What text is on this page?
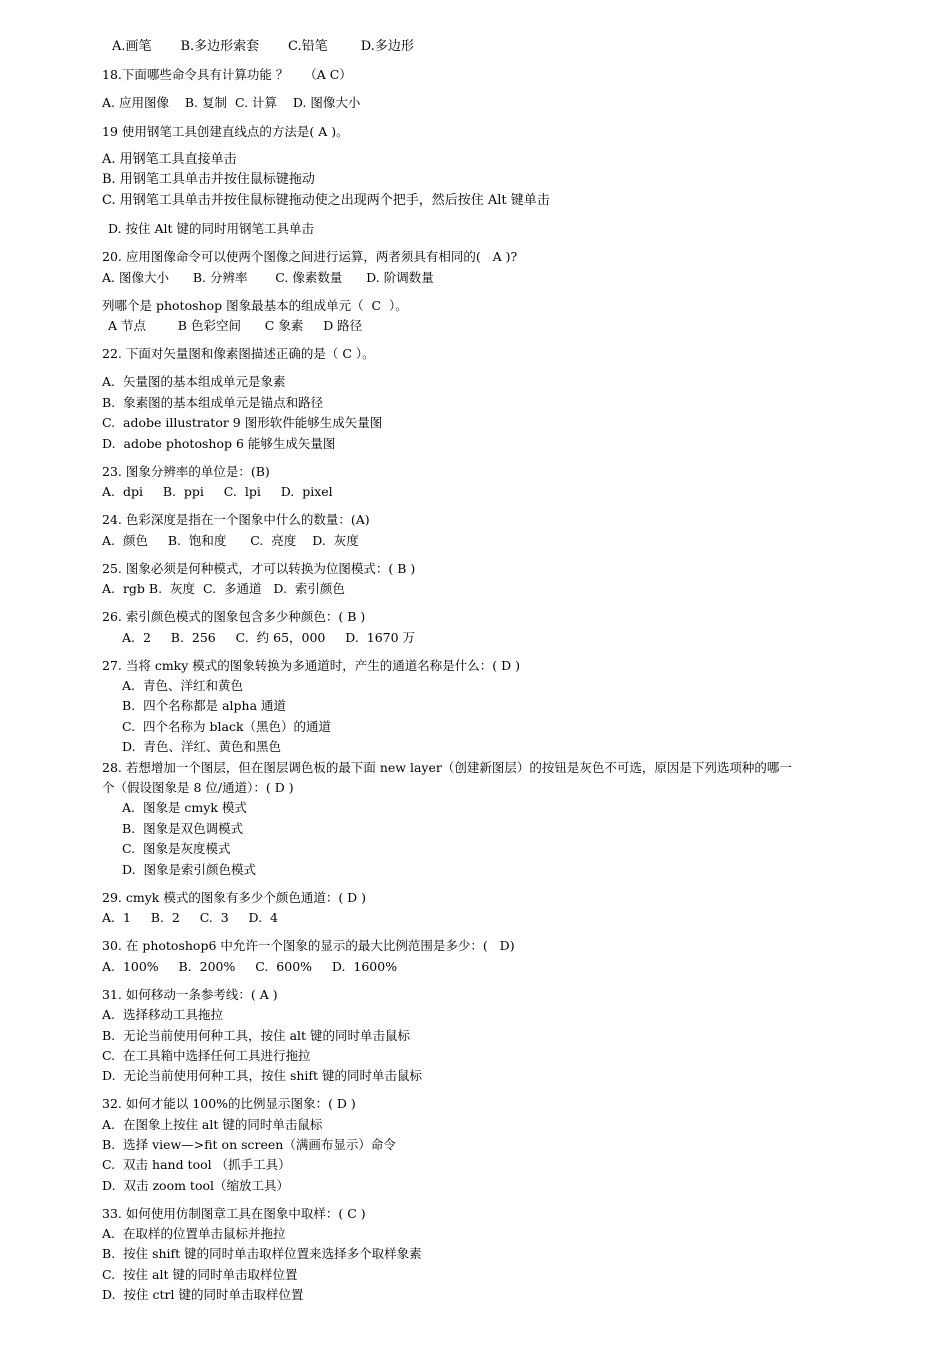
A.画笔       B.多边形索套       C.铅笔        D.多边形
18.下面哪些命令具有计算功能 ？    （A C）
A. 应用图像    B. 复制  C. 计算    D. 图像大小
19 使用钢笔工具创建直线点的方法是( A )。
A. 用钢笔工具直接单击
B. 用钢笔工具单击并按住鼠标键拖动
C. 用钢笔工具单击并按住鼠标键拖动使之出现两个把手，然后按住 Alt 键单击
D. 按住 Alt 键的同时用钢笔工具单击
20. 应用图像命令可以使两个图像之间进行运算，两者须具有相同的(   A )?
A. 图像大小      B. 分辨率       C. 像素数量      D. 阶调数量
列哪个是 photoshop 图象最基本的组成单元（  C  ）。
A 节点        B 色彩空间      C 象素     D 路径
22. 下面对矢量图和像素图描述正确的是（ C ）。
A.  矢量图的基本组成单元是象素
B.  象素图的基本组成单元是锚点和路径
C.  adobe illustrator 9 图形软件能够生成矢量图
D.  adobe photoshop 6 能够生成矢量图
23. 图象分辨率的单位是：(B)
A.  dpi     B.  ppi     C.  lpi     D.  pixel
24. 色彩深度是指在一个图象中什么的数量：(A)
A.  颜色     B.  饱和度      C.  亮度    D.  灰度
25. 图象必须是何种模式，才可以转换为位图模式：( B )
A.  rgb B.  灰度  C.  多通道   D.  索引颜色
26. 索引颜色模式的图象包含多少种颜色：( B )
A.  2     B.  256     C.  约 65，000     D.  1670 万
27. 当将 cmky 模式的图象转换为多通道时，产生的通道名称是什么：( D )
A.  青色、洋红和黄色
B.  四个名称都是 alpha 通道
C.  四个名称为 black（黑色）的通道
D.  青色、洋红、黄色和黑色
28. 若想增加一个图层，但在图层调色板的最下面 new layer（创建新图层）的按钮是灰色不可选，原因是下列选项种的哪一
个（假设图象是 8 位/通道）：( D )
A.  图象是 cmyk 模式
B.  图象是双色调模式
C.  图象是灰度模式
D.  图象是索引颜色模式
29. cmyk 模式的图象有多少个颜色通道：( D )
A.  1     B.  2     C.  3     D.  4
30. 在 photoshop6 中允许一个图象的显示的最大比例范围是多少：(   D)
A.  100%     B.  200%     C.  600%     D.  1600%
31. 如何移动一条参考线：( A )
A.  选择移动工具拖拉
B.  无论当前使用何种工具，按住 alt 键的同时单击鼠标
C.  在工具箱中选择任何工具进行拖拉
D.  无论当前使用何种工具，按住 shift 键的同时单击鼠标
32. 如何才能以 100%的比例显示图象：( D )
A.  在图象上按住 alt 键的同时单击鼠标
B.  选择 view—>fit on screen（满画布显示）命令
C.  双击 hand tool （抓手工具）
D.  双击 zoom tool（缩放工具）
33. 如何使用仿制图章工具在图象中取样：( C )
A.  在取样的位置单击鼠标并拖拉
B.  按住 shift 键的同时单击取样位置来选择多个取样象素
C.  按住 alt 键的同时单击取样位置
D.  按住 ctrl 键的同时单击取样位置
